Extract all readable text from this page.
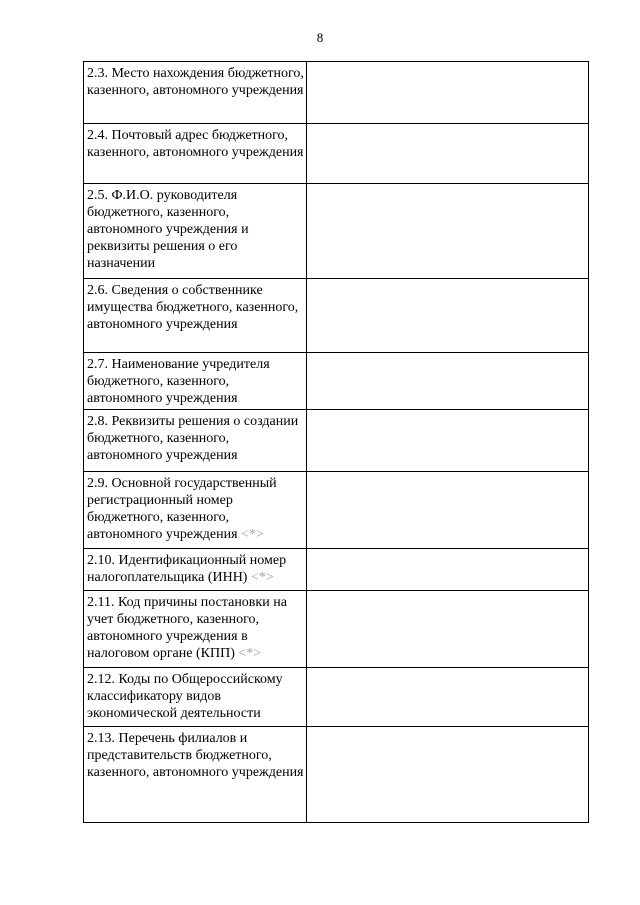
8
2.3. Место нахождения бюджетного, казенного, автономного учреждения	
2.4. Почтовый адрес бюджетного, казенного, автономного учреждения	
2.5. Ф.И.О. руководителя бюджетного, казенного, автономного учреждения и реквизиты решения о его назначении	
2.6. Сведения о собственнике имущества бюджетного, казенного, автономного учреждения	
2.7. Наименование учредителя бюджетного, казенного, автономного учреждения	
2.8. Реквизиты решения о создании бюджетного, казенного, автономного учреждения	
2.9. Основной государственный регистрационный номер бюджетного, казенного, автономного учреждения <*>	
2.10. Идентификационный номер налогоплательщика (ИНН) <*>	
2.11. Код причины постановки на учет бюджетного, казенного, автономного учреждения в налоговом органе (КПП) <*>	
2.12. Коды по Общероссийскому классификатору видов экономической деятельности	
2.13. Перечень филиалов и представительств бюджетного, казенного, автономного учреждения	
